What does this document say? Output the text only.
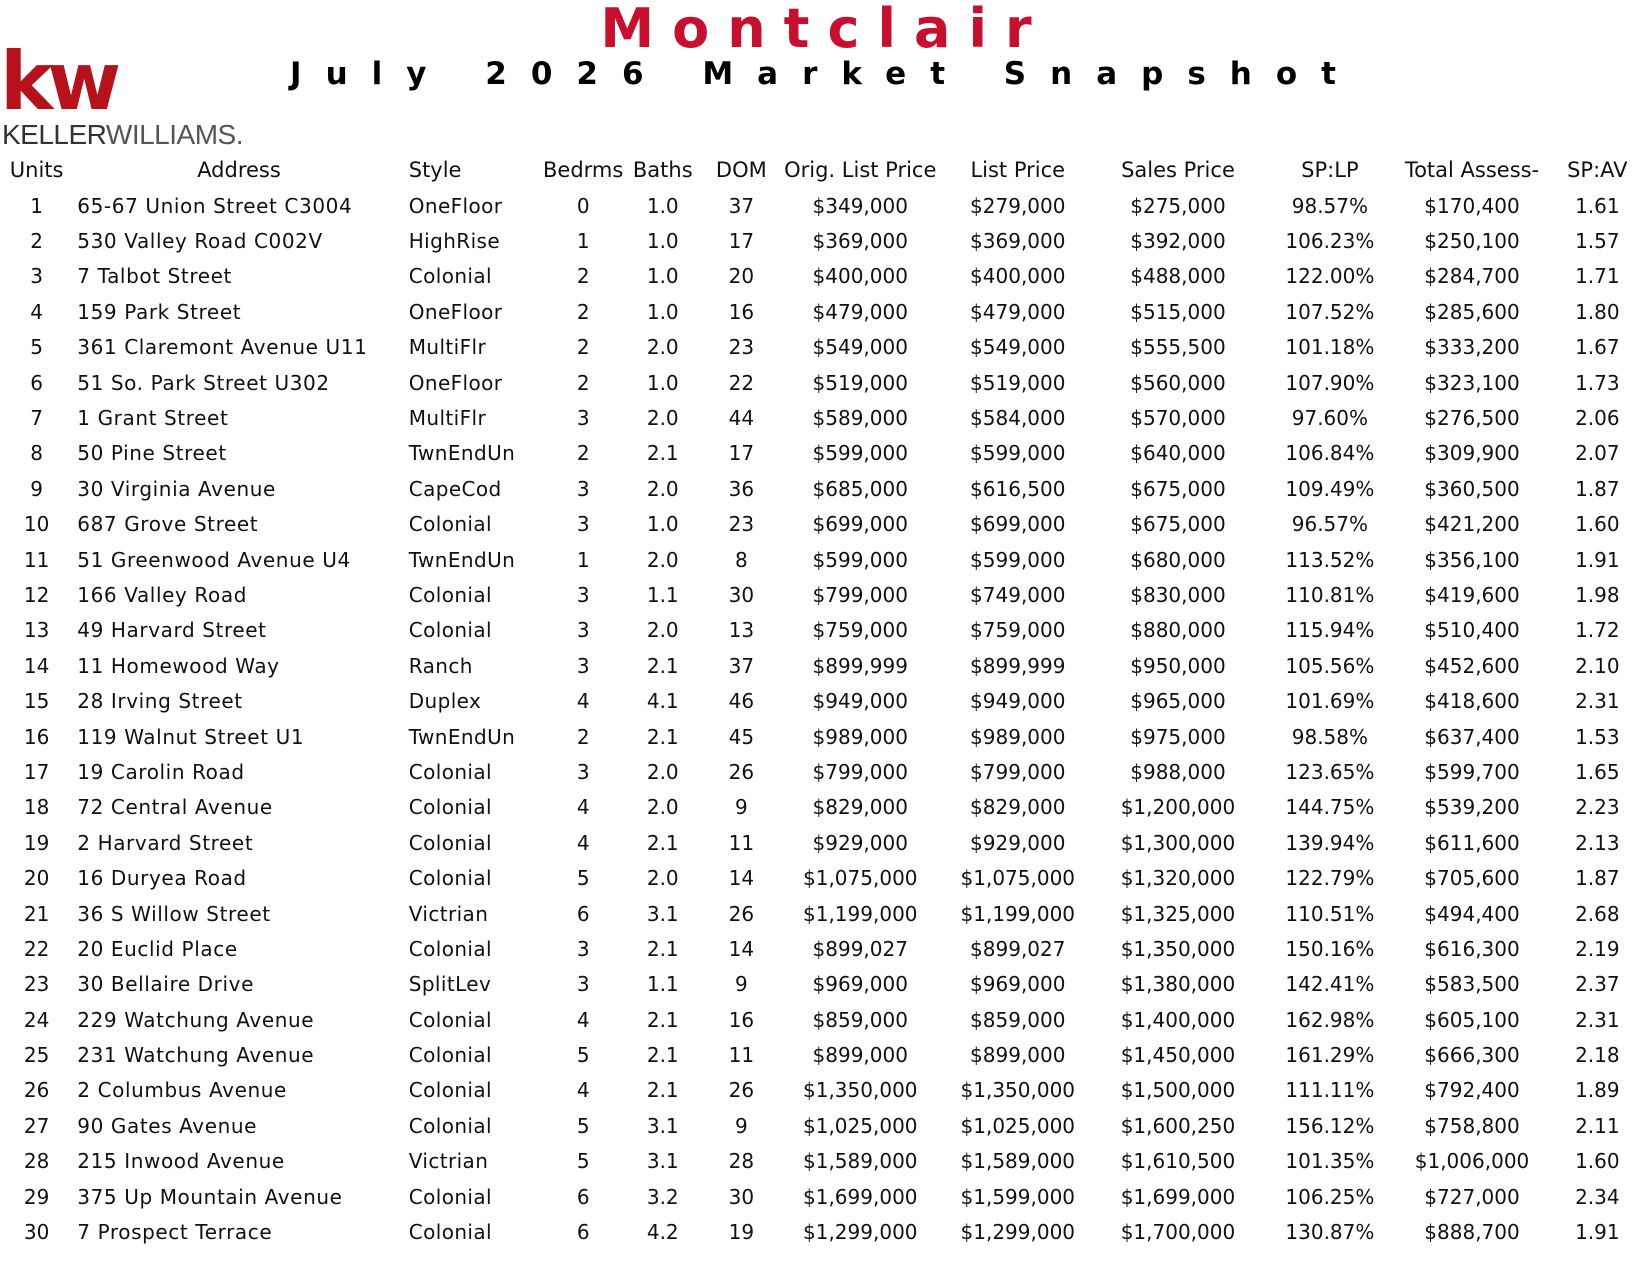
Montclair
July 2026 Market Snapshot
kw
KELLERWILLIAMS.
Units	Address	Style	Bedrms	Baths	DOM	Orig. List Price	List Price	Sales Price	SP:LP	Total Assess-	SP:AV
1	65-67 Union Street C3004	OneFloor	0	1.0	37	$349,000	$279,000	$275,000	98.57%	$170,400	1.61
2	530 Valley Road C002V	HighRise	1	1.0	17	$369,000	$369,000	$392,000	106.23%	$250,100	1.57
3	7 Talbot Street	Colonial	2	1.0	20	$400,000	$400,000	$488,000	122.00%	$284,700	1.71
4	159 Park Street	OneFloor	2	1.0	16	$479,000	$479,000	$515,000	107.52%	$285,600	1.80
5	361 Claremont Avenue U11	MultiFlr	2	2.0	23	$549,000	$549,000	$555,500	101.18%	$333,200	1.67
6	51 So. Park Street U302	OneFloor	2	1.0	22	$519,000	$519,000	$560,000	107.90%	$323,100	1.73
7	1 Grant Street	MultiFlr	3	2.0	44	$589,000	$584,000	$570,000	97.60%	$276,500	2.06
8	50 Pine Street	TwnEndUn	2	2.1	17	$599,000	$599,000	$640,000	106.84%	$309,900	2.07
9	30 Virginia Avenue	CapeCod	3	2.0	36	$685,000	$616,500	$675,000	109.49%	$360,500	1.87
10	687 Grove Street	Colonial	3	1.0	23	$699,000	$699,000	$675,000	96.57%	$421,200	1.60
11	51 Greenwood Avenue U4	TwnEndUn	1	2.0	8	$599,000	$599,000	$680,000	113.52%	$356,100	1.91
12	166 Valley Road	Colonial	3	1.1	30	$799,000	$749,000	$830,000	110.81%	$419,600	1.98
13	49 Harvard Street	Colonial	3	2.0	13	$759,000	$759,000	$880,000	115.94%	$510,400	1.72
14	11 Homewood Way	Ranch	3	2.1	37	$899,999	$899,999	$950,000	105.56%	$452,600	2.10
15	28 Irving Street	Duplex	4	4.1	46	$949,000	$949,000	$965,000	101.69%	$418,600	2.31
16	119 Walnut Street U1	TwnEndUn	2	2.1	45	$989,000	$989,000	$975,000	98.58%	$637,400	1.53
17	19 Carolin Road	Colonial	3	2.0	26	$799,000	$799,000	$988,000	123.65%	$599,700	1.65
18	72 Central Avenue	Colonial	4	2.0	9	$829,000	$829,000	$1,200,000	144.75%	$539,200	2.23
19	2 Harvard Street	Colonial	4	2.1	11	$929,000	$929,000	$1,300,000	139.94%	$611,600	2.13
20	16 Duryea Road	Colonial	5	2.0	14	$1,075,000	$1,075,000	$1,320,000	122.79%	$705,600	1.87
21	36 S Willow Street	Victrian	6	3.1	26	$1,199,000	$1,199,000	$1,325,000	110.51%	$494,400	2.68
22	20 Euclid Place	Colonial	3	2.1	14	$899,027	$899,027	$1,350,000	150.16%	$616,300	2.19
23	30 Bellaire Drive	SplitLev	3	1.1	9	$969,000	$969,000	$1,380,000	142.41%	$583,500	2.37
24	229 Watchung Avenue	Colonial	4	2.1	16	$859,000	$859,000	$1,400,000	162.98%	$605,100	2.31
25	231 Watchung Avenue	Colonial	5	2.1	11	$899,000	$899,000	$1,450,000	161.29%	$666,300	2.18
26	2 Columbus Avenue	Colonial	4	2.1	26	$1,350,000	$1,350,000	$1,500,000	111.11%	$792,400	1.89
27	90 Gates Avenue	Colonial	5	3.1	9	$1,025,000	$1,025,000	$1,600,250	156.12%	$758,800	2.11
28	215 Inwood Avenue	Victrian	5	3.1	28	$1,589,000	$1,589,000	$1,610,500	101.35%	$1,006,000	1.60
29	375 Up Mountain Avenue	Colonial	6	3.2	30	$1,699,000	$1,599,000	$1,699,000	106.25%	$727,000	2.34
30	7 Prospect Terrace	Colonial	6	4.2	19	$1,299,000	$1,299,000	$1,700,000	130.87%	$888,700	1.91
